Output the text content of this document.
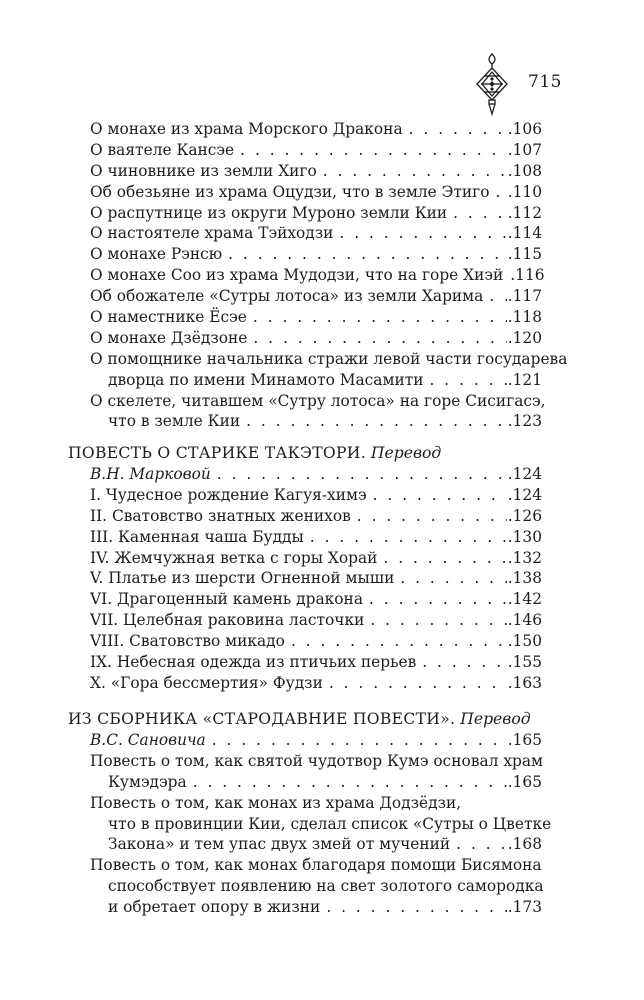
715
О монахе из храма Морского Дракона . . .	.106
О ваятеле Кансэе . . .	.107
О чиновнике из земли Хиго . . .	.108
Об обезьяне из храма Оцудзи, что в земле Этиго . . . .110
О распутнице из округи Муроно земли Кии . . .	.112
О настоятеле храма Тэйходзи . . .	.114
О монахе Рэнсю . . .	.115
О монахе Соо из храма Мудодзи, что на горе Хиэй .116
Об обожателе «Сутры лотоса» из земли Харима . . . .117
О наместнике Ёсэе . . .	.118
О монахе Дзёдзоне . . .	.120
О помощнике начальника стражи левой части государева
дворца по имени Минамото Масамити . . .	.121
О скелете, читавшем «Сутру лотоса» на горе Сисигасэ,
что в земле Кии . . .	.123
ПОВЕСТЬ О СТАРИКЕ ТАКЭТОРИ. Перевод
В.Н. Марковой . . .	.124
I. Чудесное рождение Кагуя-химэ . . .	.124
II. Сватовство знатных женихов . . .	.126
III. Каменная чаша Будды . . .	.130
IV. Жемчужная ветка с горы Хорай . . .	.132
V. Платье из шерсти Огненной мыши . . .	.138
VI. Драгоценный камень дракона . . .	.142
VII. Целебная раковина ласточки . . .	.146
VIII. Сватовство микадо . . .	.150
IX. Небесная одежда из птичьих перьев . . .	.155
X. «Гора бессмертия» Фудзи . . .	.163
ИЗ СБОРНИКА «СТАРОДАВНИЕ ПОВЕСТИ». Перевод
В.С. Сановича . . .	.165
Повесть о том, как святой чудотвор Кумэ основал храм
Кумэдэра . . .	.165
Повесть о том, как монах из храма Додзёдзи,
что в провинции Кии, сделал список «Сутры о Цветке
Закона» и тем упас двух змей от мучений . . .	.168
Повесть о том, как монах благодаря помощи Бисямона
способствует появлению на свет золотого самородка
и обретает опору в жизни . . .	.173
